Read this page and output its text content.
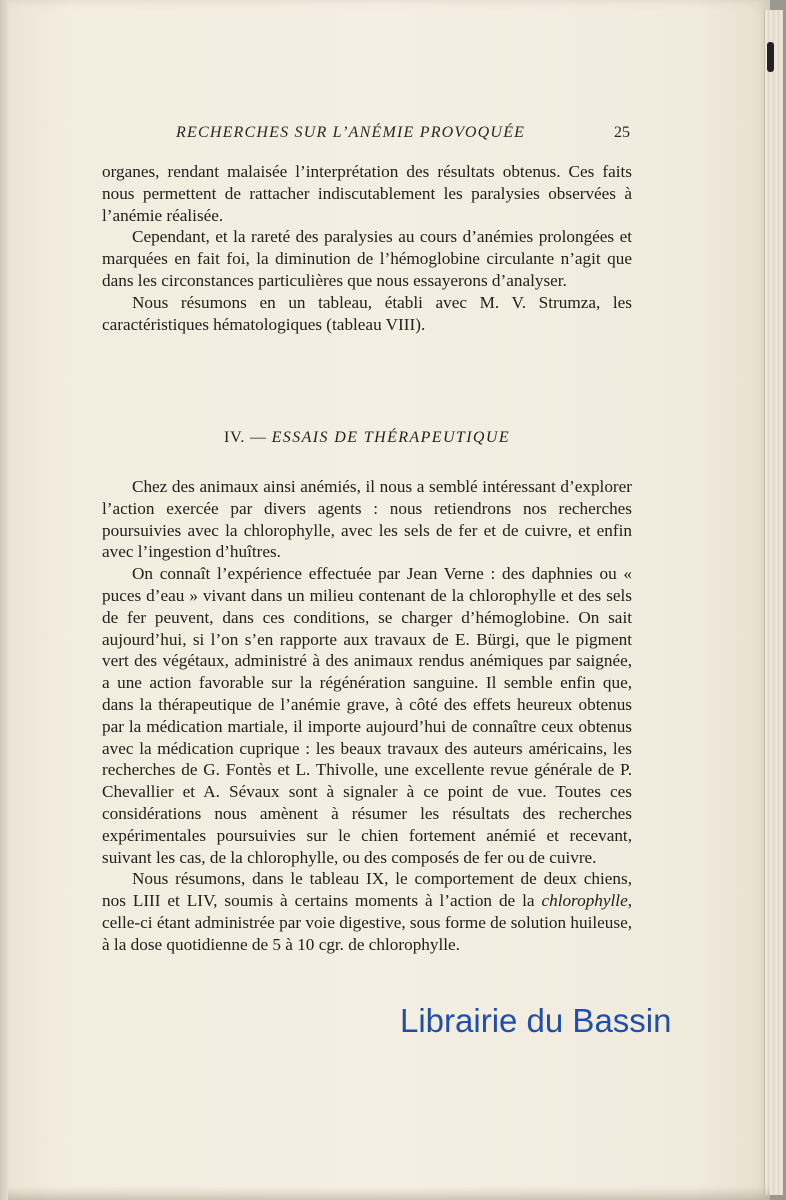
RECHERCHES SUR L’ANÉMIE PROVOQUÉE	25

organes, rendant malaisée l’interprétation des résultats obtenus. Ces faits nous permettent de rattacher indiscutablement les paralysies observées à l’anémie réalisée.

Cependant, et la rareté des paralysies au cours d’anémies prolongées et marquées en fait foi, la diminution de l’hémoglobine circulante n’agit que dans les circonstances particulières que nous essayerons d’analyser.

Nous résumons en un tableau, établi avec M. V. Strumza, les caractéristiques hématologiques (tableau VIII).

IV. — ESSAIS DE THÉRAPEUTIQUE

Chez des animaux ainsi anémiés, il nous a semblé intéressant d’explorer l’action exercée par divers agents : nous retiendrons nos recherches poursuivies avec la chlorophylle, avec les sels de fer et de cuivre, et enfin avec l’ingestion d’huîtres.

On connaît l’expérience effectuée par Jean Verne : des daphnies ou « puces d’eau » vivant dans un milieu contenant de la chlorophylle et des sels de fer peuvent, dans ces conditions, se charger d’hémoglobine. On sait aujourd’hui, si l’on s’en rapporte aux travaux de E. Bürgi, que le pigment vert des végétaux, administré à des animaux rendus anémiques par saignée, a une action favorable sur la régénération sanguine. Il semble enfin que, dans la thérapeutique de l’anémie grave, à côté des effets heureux obtenus par la médication martiale, il importe aujourd’hui de connaître ceux obtenus avec la médication cuprique : les beaux travaux des auteurs américains, les recherches de G. Fontès et L. Thivolle, une excellente revue générale de P. Chevallier et A. Sévaux sont à signaler à ce point de vue. Toutes ces considérations nous amènent à résumer les résultats des recherches expérimentales poursuivies sur le chien fortement anémié et recevant, suivant les cas, de la chlorophylle, ou des composés de fer ou de cuivre.

Nous résumons, dans le tableau IX, le comportement de deux chiens, nos LIII et LIV, soumis à certains moments à l’action de la chlorophylle, celle-ci étant administrée par voie digestive, sous forme de solution huileuse, à la dose quotidienne de 5 à 10 cgr. de chlorophylle.

Librairie du Bassin
